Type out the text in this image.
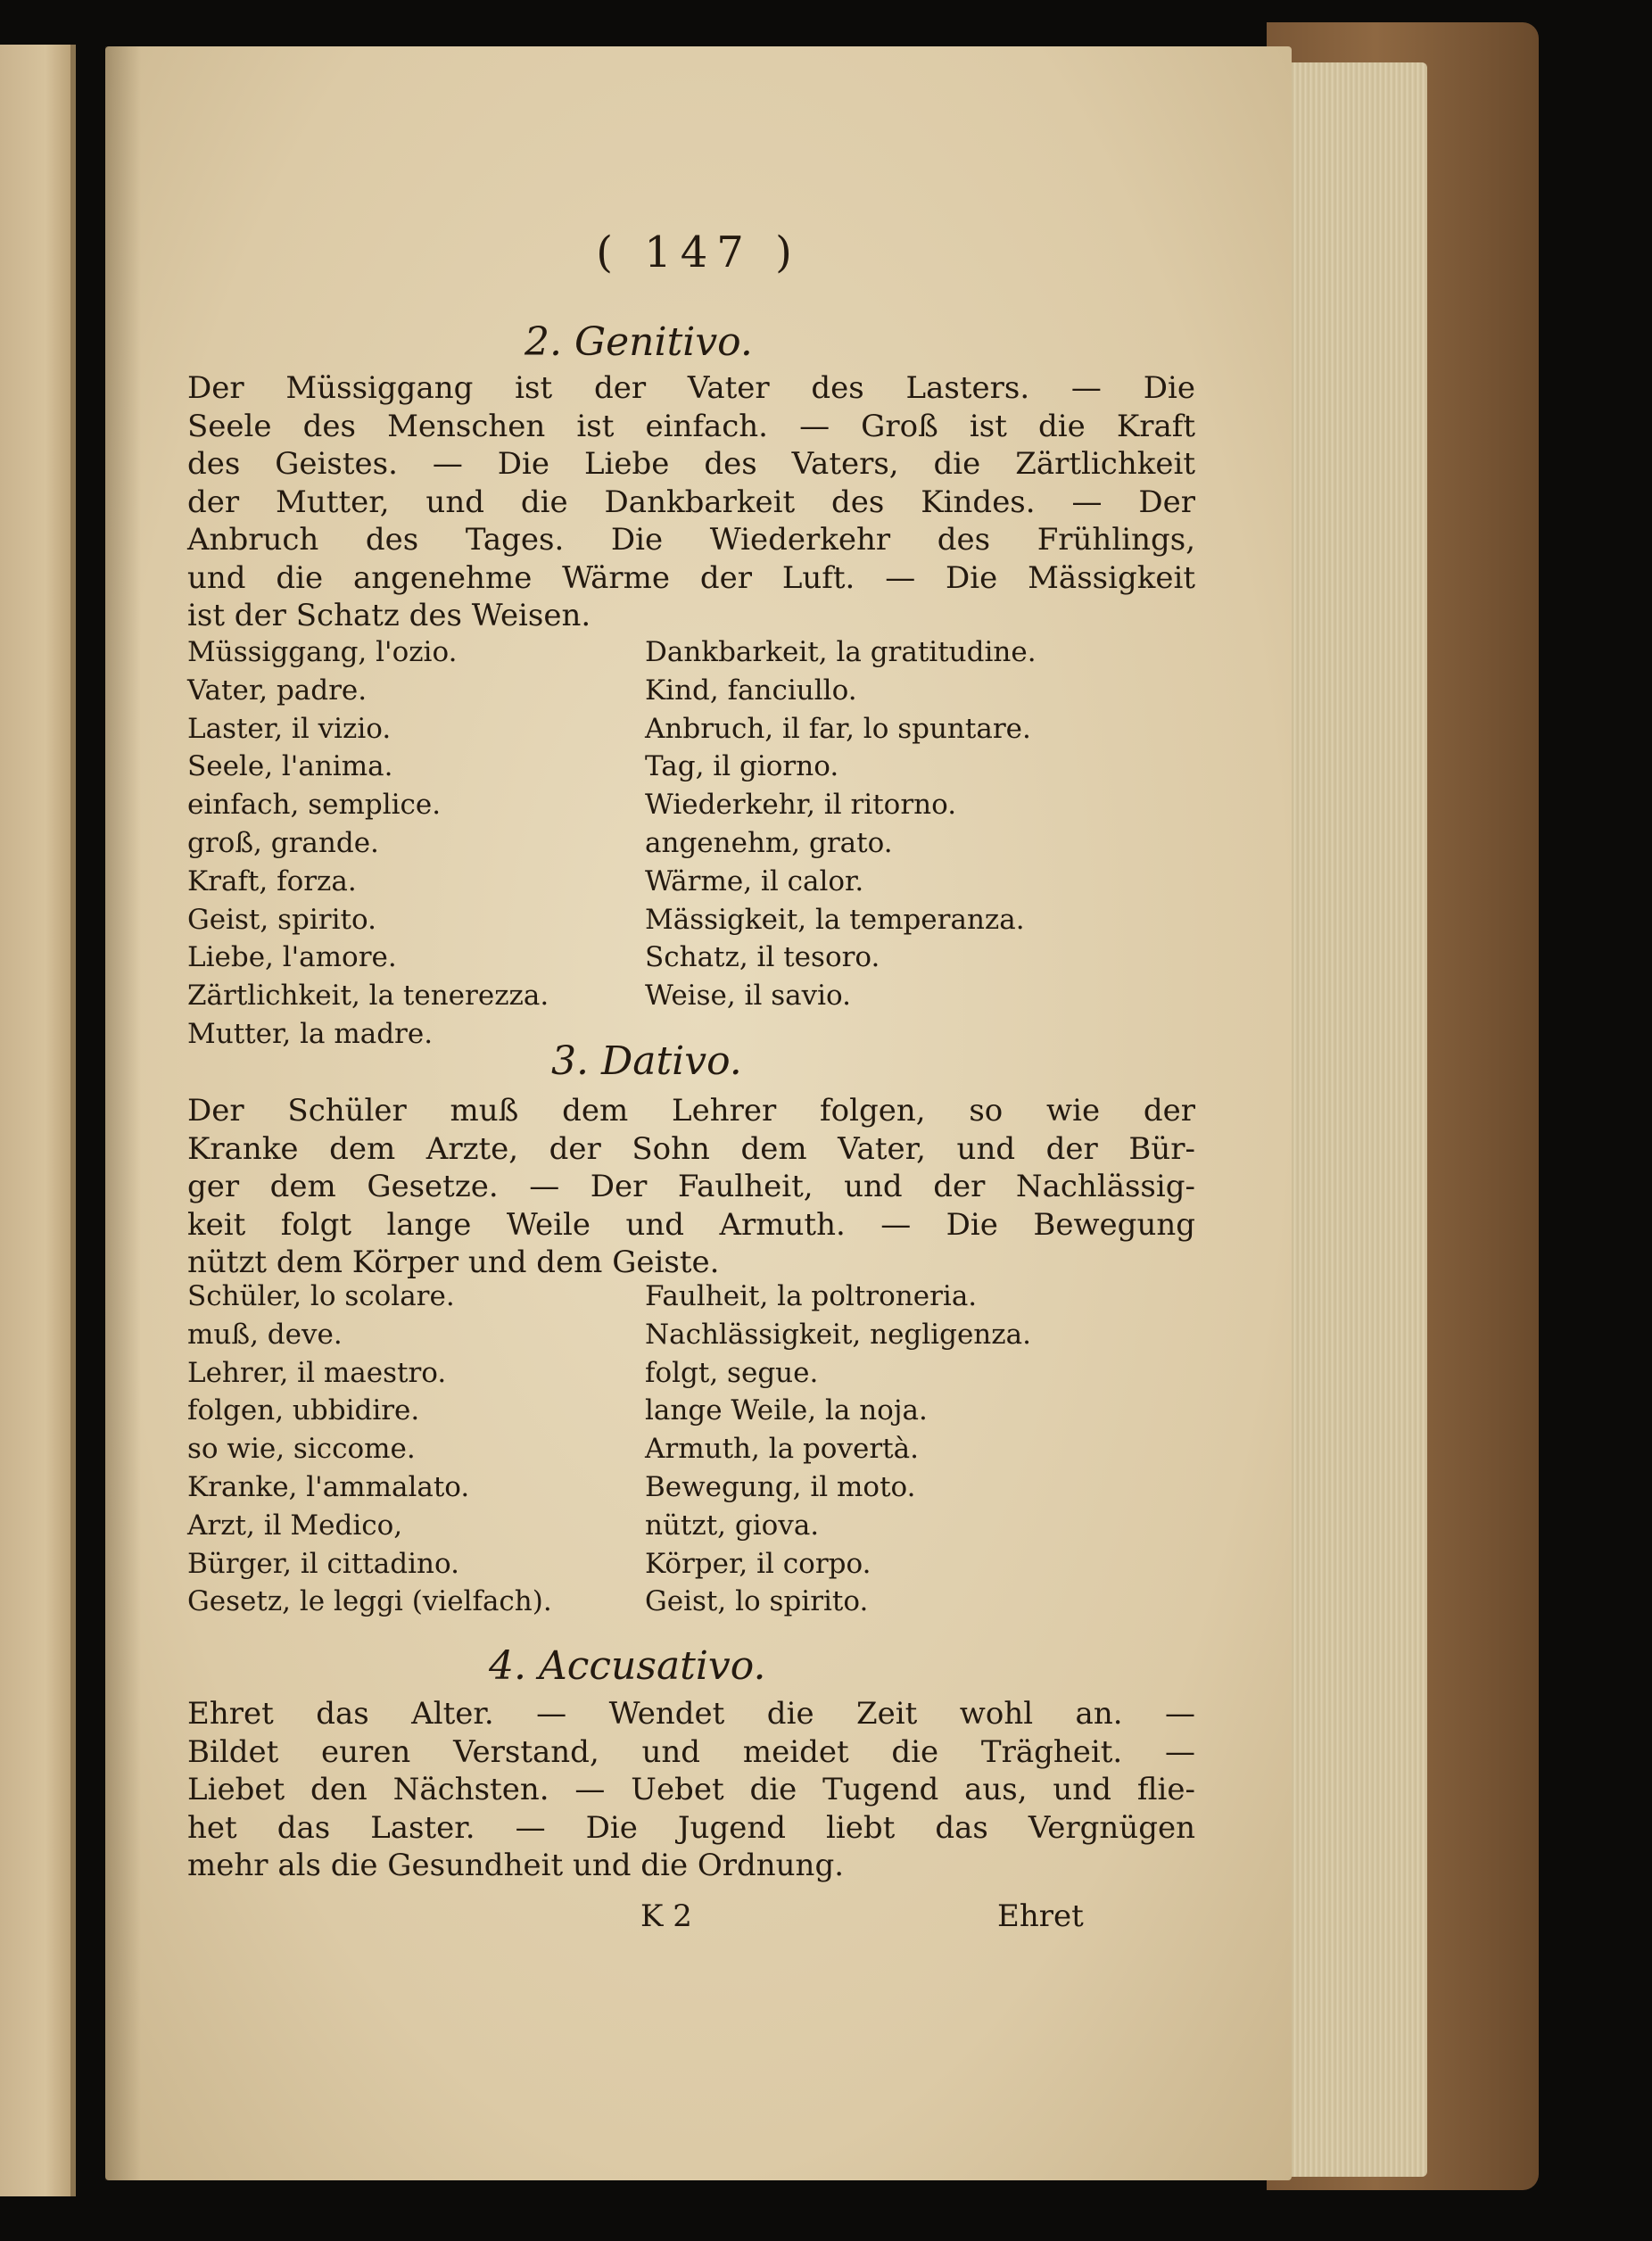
( 147 )
2. Genitivo.
Der Müssiggang ist der Vater des Lasters. — Die
Seele des Menschen ist einfach. — Groß ist die Kraft
des Geistes. — Die Liebe des Vaters, die Zärtlichkeit
der Mutter, und die Dankbarkeit des Kindes. — Der
Anbruch des Tages. Die Wiederkehr des Frühlings,
und die angenehme Wärme der Luft. — Die Mässigkeit
ist der Schatz des Weisen.
Müssiggang, l'ozio.
Vater, padre.
Laster, il vizio.
Seele, l'anima.
einfach, semplice.
groß, grande.
Kraft, forza.
Geist, spirito.
Liebe, l'amore.
Zärtlichkeit, la tenerezza.
Mutter, la madre.
Dankbarkeit, la gratitudine.
Kind, fanciullo.
Anbruch, il far, lo spuntare.
Tag, il giorno.
Wiederkehr, il ritorno.
angenehm, grato.
Wärme, il calor.
Mässigkeit, la temperanza.
Schatz, il tesoro.
Weise, il savio.
3. Dativo.
Der Schüler muß dem Lehrer folgen, so wie der
Kranke dem Arzte, der Sohn dem Vater, und der Bür-
ger dem Gesetze. — Der Faulheit, und der Nachlässig-
keit folgt lange Weile und Armuth. — Die Bewegung
nützt dem Körper und dem Geiste.
Schüler, lo scolare.
muß, deve.
Lehrer, il maestro.
folgen, ubbidire.
so wie, siccome.
Kranke, l'ammalato.
Arzt, il Medico,
Bürger, il cittadino.
Gesetz, le leggi (vielfach).
Faulheit, la poltroneria.
Nachlässigkeit, negligenza.
folgt, segue.
lange Weile, la noja.
Armuth, la povertà.
Bewegung, il moto.
nützt, giova.
Körper, il corpo.
Geist, lo spirito.
4. Accusativo.
Ehret das Alter. — Wendet die Zeit wohl an. —
Bildet euren Verstand, und meidet die Trägheit. —
Liebet den Nächsten. — Uebet die Tugend aus, und flie-
het das Laster. — Die Jugend liebt das Vergnügen
mehr als die Gesundheit und die Ordnung.
K 2	Ehret
